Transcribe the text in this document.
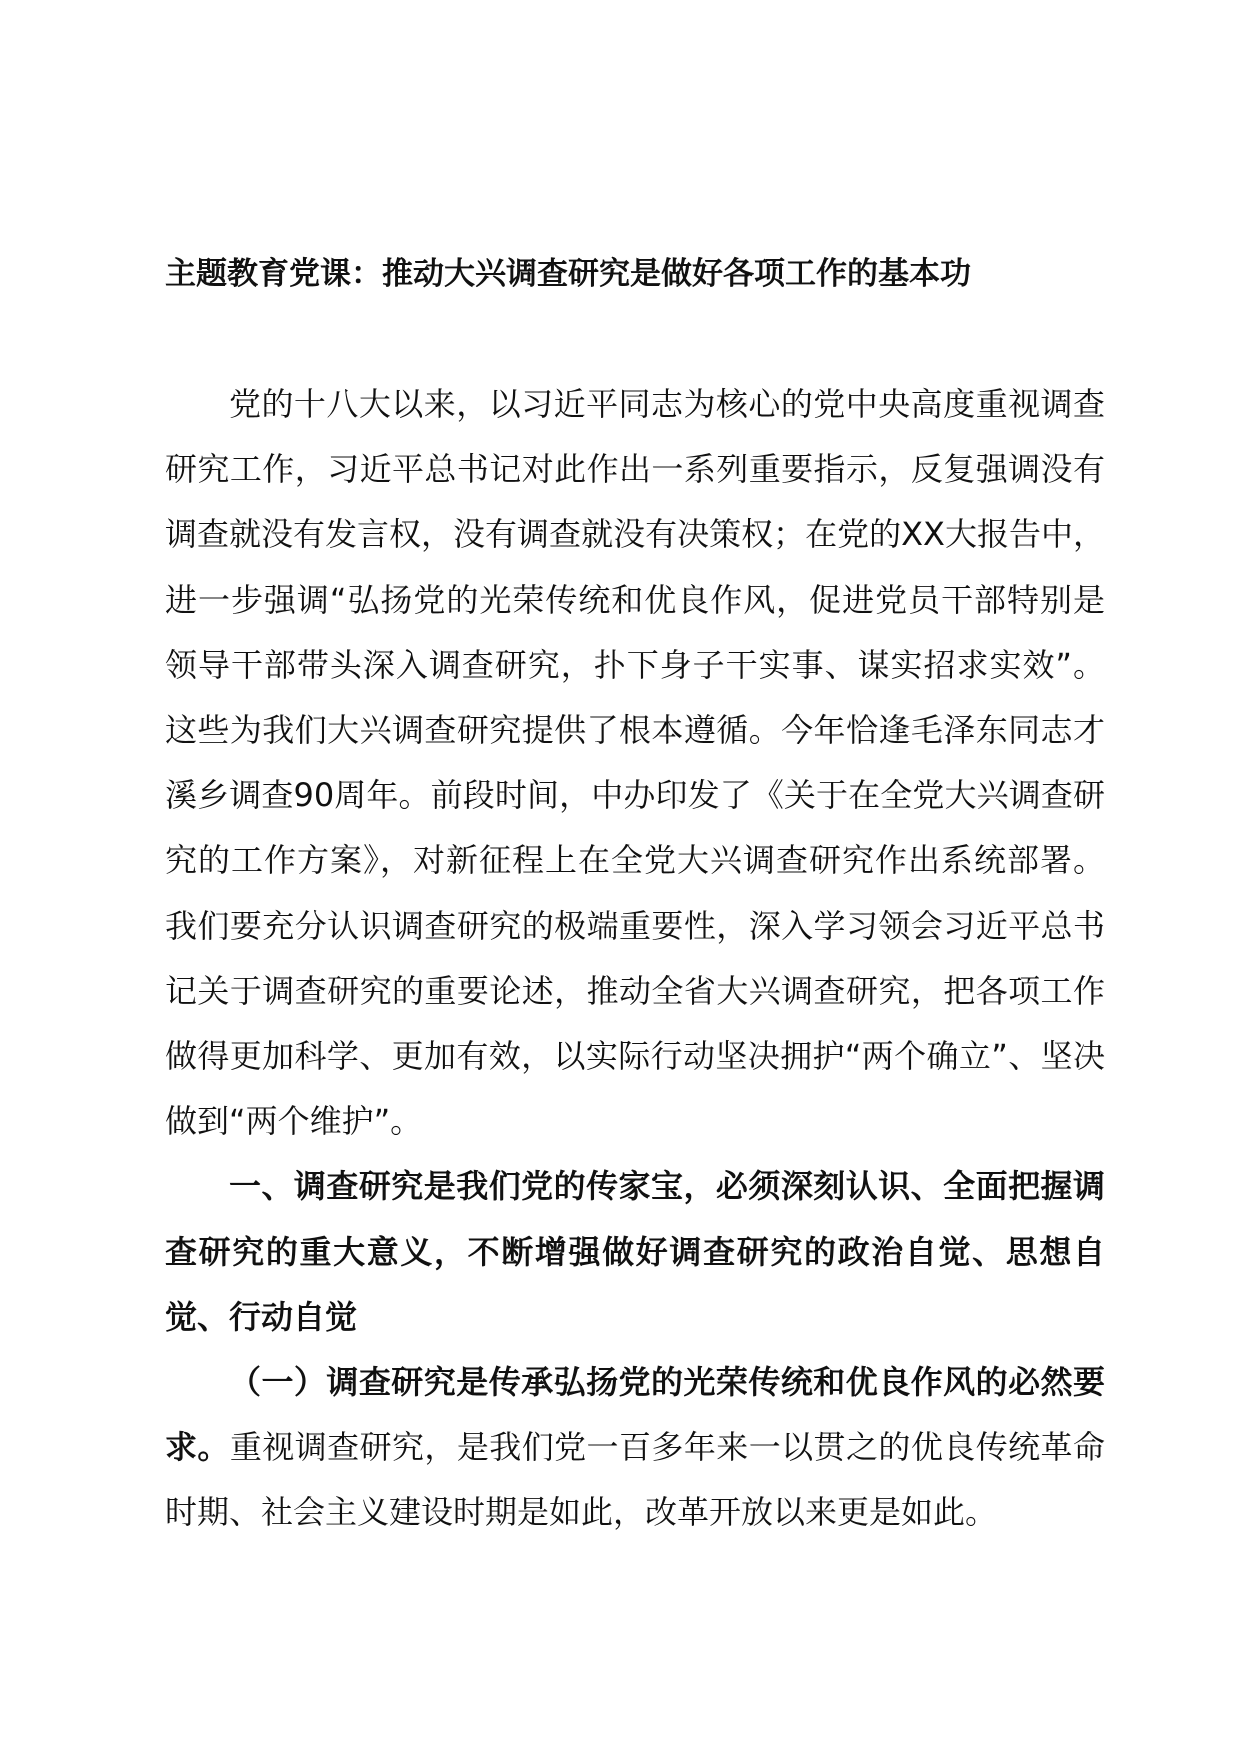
主题教育党课：推动大兴调查研究是做好各项工作的基本功

党的十八大以来，以习近平同志为核心的党中央高度重视调查研究工作，习近平总书记对此作出一系列重要指示，反复强调没有调查就没有发言权，没有调查就没有决策权；在党的XX大报告中，进一步强调“弘扬党的光荣传统和优良作风，促进党员干部特别是领导干部带头深入调查研究，扑下身子干实事、谋实招求实效”。这些为我们大兴调查研究提供了根本遵循。今年恰逢毛泽东同志才溪乡调查90周年。前段时间，中办印发了《关于在全党大兴调查研究的工作方案》，对新征程上在全党大兴调查研究作出系统部署。我们要充分认识调查研究的极端重要性，深入学习领会习近平总书记关于调查研究的重要论述，推动全省大兴调查研究，把各项工作做得更加科学、更加有效，以实际行动坚决拥护“两个确立”、坚决做到“两个维护”。

一、调查研究是我们党的传家宝，必须深刻认识、全面把握调查研究的重大意义，不断增强做好调查研究的政治自觉、思想自觉、行动自觉

（一）调查研究是传承弘扬党的光荣传统和优良作风的必然要求。重视调查研究，是我们党一百多年来一以贯之的优良传统革命时期、社会主义建设时期是如此，改革开放以来更是如此。
